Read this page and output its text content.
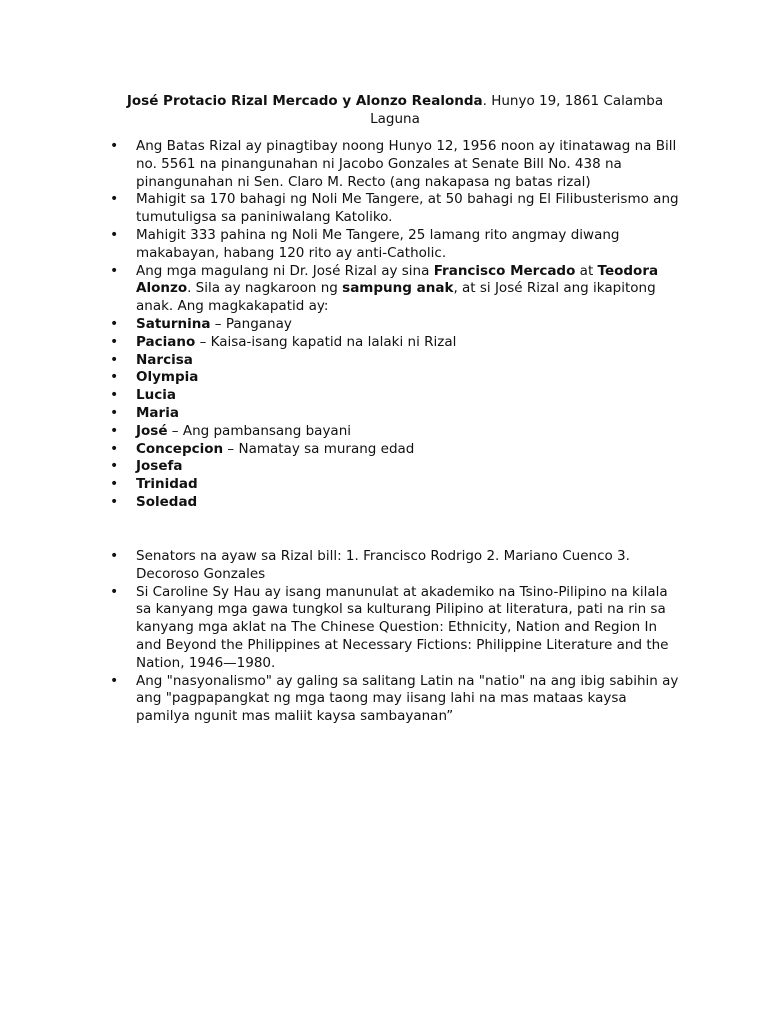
José Protacio Rizal Mercado y Alonzo Realonda. Hunyo 19, 1861 Calamba Laguna
• Ang Batas Rizal ay pinagtibay noong Hunyo 12, 1956 noon ay itinatawag na Bill no. 5561 na pinangunahan ni Jacobo Gonzales at Senate Bill No. 438 na pinangunahan ni Sen. Claro M. Recto (ang nakapasa ng batas rizal)
• Mahigit sa 170 bahagi ng Noli Me Tangere, at 50 bahagi ng El Filibusterismo ang tumutuligsa sa paniniwalang Katoliko.
• Mahigit 333 pahina ng Noli Me Tangere, 25 lamang rito angmay diwang makabayan, habang 120 rito ay anti-Catholic.
• Ang mga magulang ni Dr. José Rizal ay sina Francisco Mercado at Teodora Alonzo. Sila ay nagkaroon ng sampung anak, at si José Rizal ang ikapitong anak. Ang magkakapatid ay:
• Saturnina – Panganay
• Paciano – Kaisa-isang kapatid na lalaki ni Rizal
• Narcisa
• Olympia
• Lucia
• Maria
• José – Ang pambansang bayani
• Concepcion – Namatay sa murang edad
• Josefa
• Trinidad
• Soledad
• Senators na ayaw sa Rizal bill: 1. Francisco Rodrigo 2. Mariano Cuenco 3. Decoroso Gonzales
• Si Caroline Sy Hau ay isang manunulat at akademiko na Tsino-Pilipino na kilala sa kanyang mga gawa tungkol sa kulturang Pilipino at literatura, pati na rin sa kanyang mga aklat na The Chinese Question: Ethnicity, Nation and Region In and Beyond the Philippines at Necessary Fictions: Philippine Literature and the Nation, 1946—1980.
• Ang "nasyonalismo" ay galing sa salitang Latin na "natio" na ang ibig sabihin ay ang "pagpapangkat ng mga taong may iisang lahi na mas mataas kaysa pamilya ngunit mas maliit kaysa sambayanan”
